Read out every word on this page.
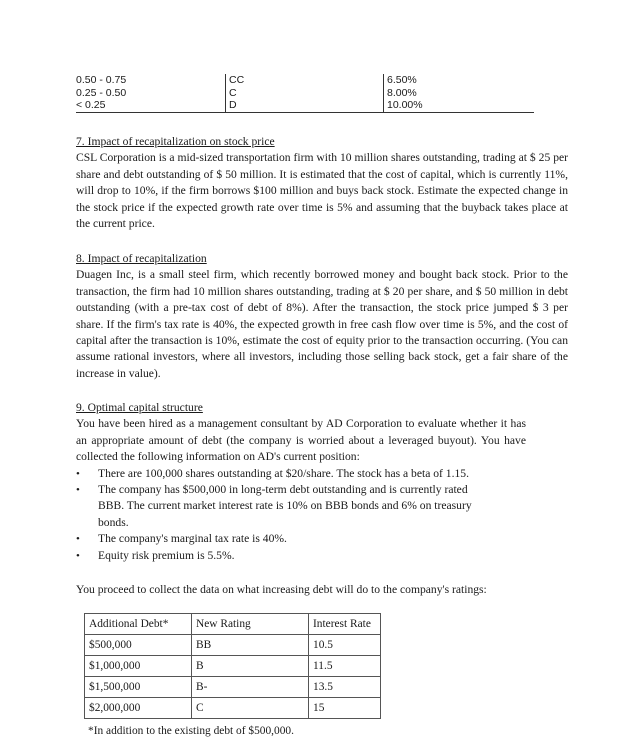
0.50 - 0.75	CC	6.50%
0.25 - 0.50	C	8.00%
< 0.25	D	10.00%
7. Impact of recapitalization on stock price
CSL Corporation is a mid-sized transportation firm with 10 million shares outstanding, trading at $ 25 per share and debt outstanding of $ 50 million. It is estimated that the cost of capital, which is currently 11%, will drop to 10%, if the firm borrows $100 million and buys back stock. Estimate the expected change in the stock price if the expected growth rate over time is 5% and assuming that the buyback takes place at the current price.
8. Impact of recapitalization
Duagen Inc, is a small steel firm, which recently borrowed money and bought back stock. Prior to the transaction, the firm had 10 million shares outstanding, trading at $ 20 per share, and $ 50 million in debt outstanding (with a pre-tax cost of debt of 8%). After the transaction, the stock price jumped $ 3 per share. If the firm's tax rate is 40%, the expected growth in free cash flow over time is 5%, and the cost of capital after the transaction is 10%, estimate the cost of equity prior to the transaction occurring. (You can assume rational investors, where all investors, including those selling back stock, get a fair share of the increase in value).
9. Optimal capital structure
You have been hired as a management consultant by AD Corporation to evaluate whether it has an appropriate amount of debt (the company is worried about a leveraged buyout). You have collected the following information on AD's current position:
• There are 100,000 shares outstanding at $20/share. The stock has a beta of 1.15.
• The company has $500,000 in long-term debt outstanding and is currently rated BBB. The current market interest rate is 10% on BBB bonds and 6% on treasury bonds.
• The company's marginal tax rate is 40%.
• Equity risk premium is 5.5%.
You proceed to collect the data on what increasing debt will do to the company's ratings:
Additional Debt*	New Rating	Interest Rate
$500,000	BB	10.5
$1,000,000	B	11.5
$1,500,000	B-	13.5
$2,000,000	C	15
*In addition to the existing debt of $500,000.
